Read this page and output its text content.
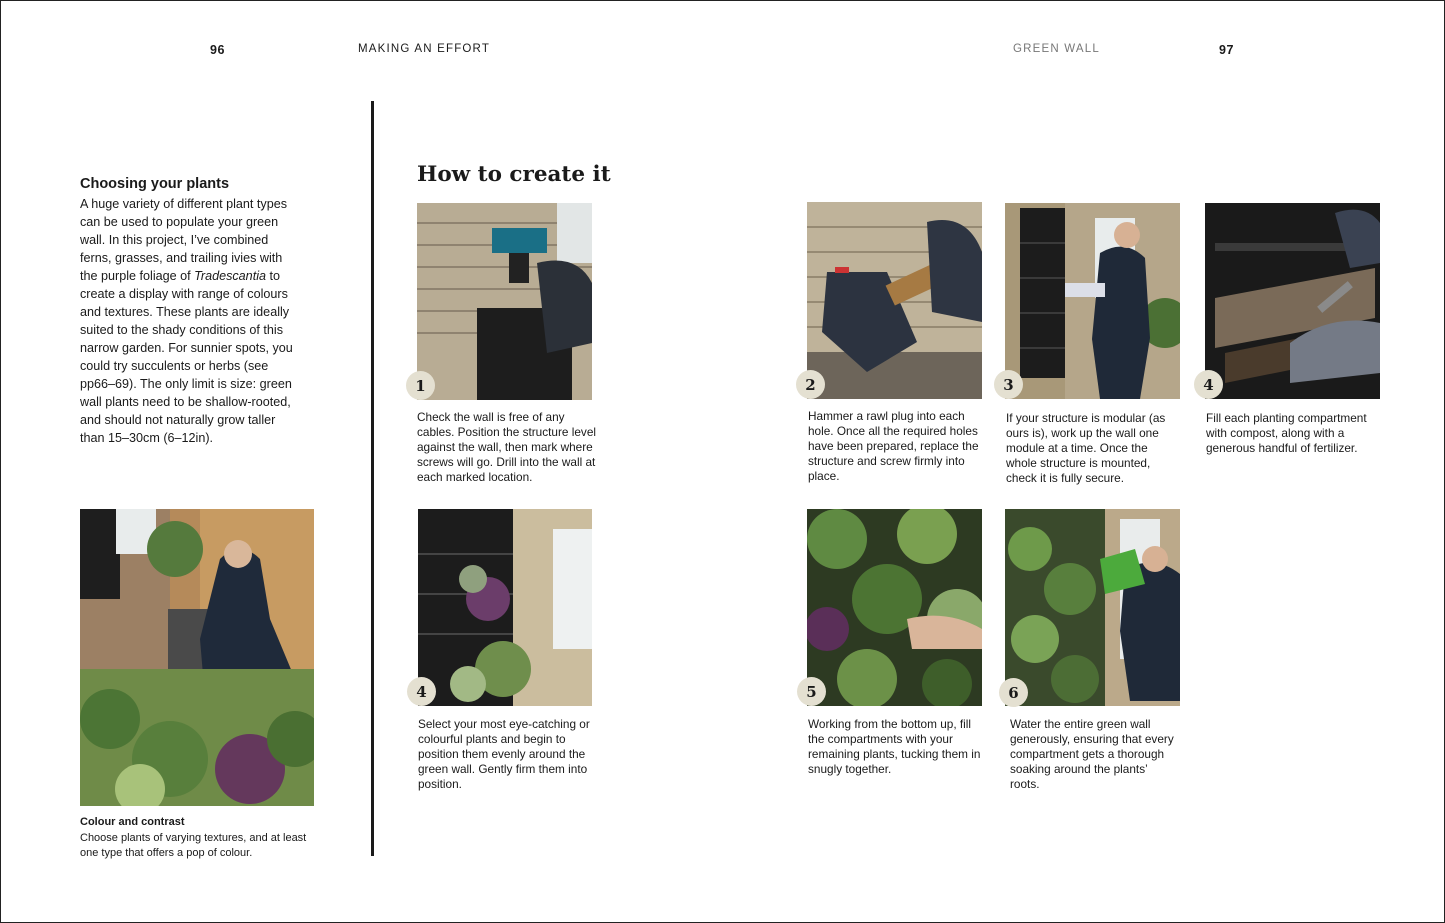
96	MAKING AN EFFORT	GREEN WALL	97
Choosing your plants
A huge variety of different plant types can be used to populate your green wall. In this project, I’ve combined ferns, grasses, and trailing ivies with the purple foliage of Tradescantia to create a display with range of colours and textures. These plants are ideally suited to the shady conditions of this narrow garden. For sunnier spots, you could try succulents or herbs (see pp66–69). The only limit is size: green wall plants need to be shallow-rooted, and should not naturally grow taller than 15–30cm (6–12in).
Colour and contrast
Choose plants of varying textures, and at least one type that offers a pop of colour.
How to create it
1	2	3	4
4	5	6
Check the wall is free of any cables. Position the structure level against the wall, then mark where screws will go. Drill into the wall at each marked location.
Hammer a rawl plug into each hole. Once all the required holes have been prepared, replace the structure and screw firmly into place.
If your structure is modular (as ours is), work up the wall one module at a time. Once the whole structure is mounted, check it is fully secure.
Fill each planting compartment with compost, along with a generous handful of fertilizer.
Select your most eye-catching or colourful plants and begin to position them evenly around the green wall. Gently firm them into position.
Working from the bottom up, fill the compartments with your remaining plants, tucking them in snugly together.
Water the entire green wall generously, ensuring that every compartment gets a thorough soaking around the plants’ roots.
